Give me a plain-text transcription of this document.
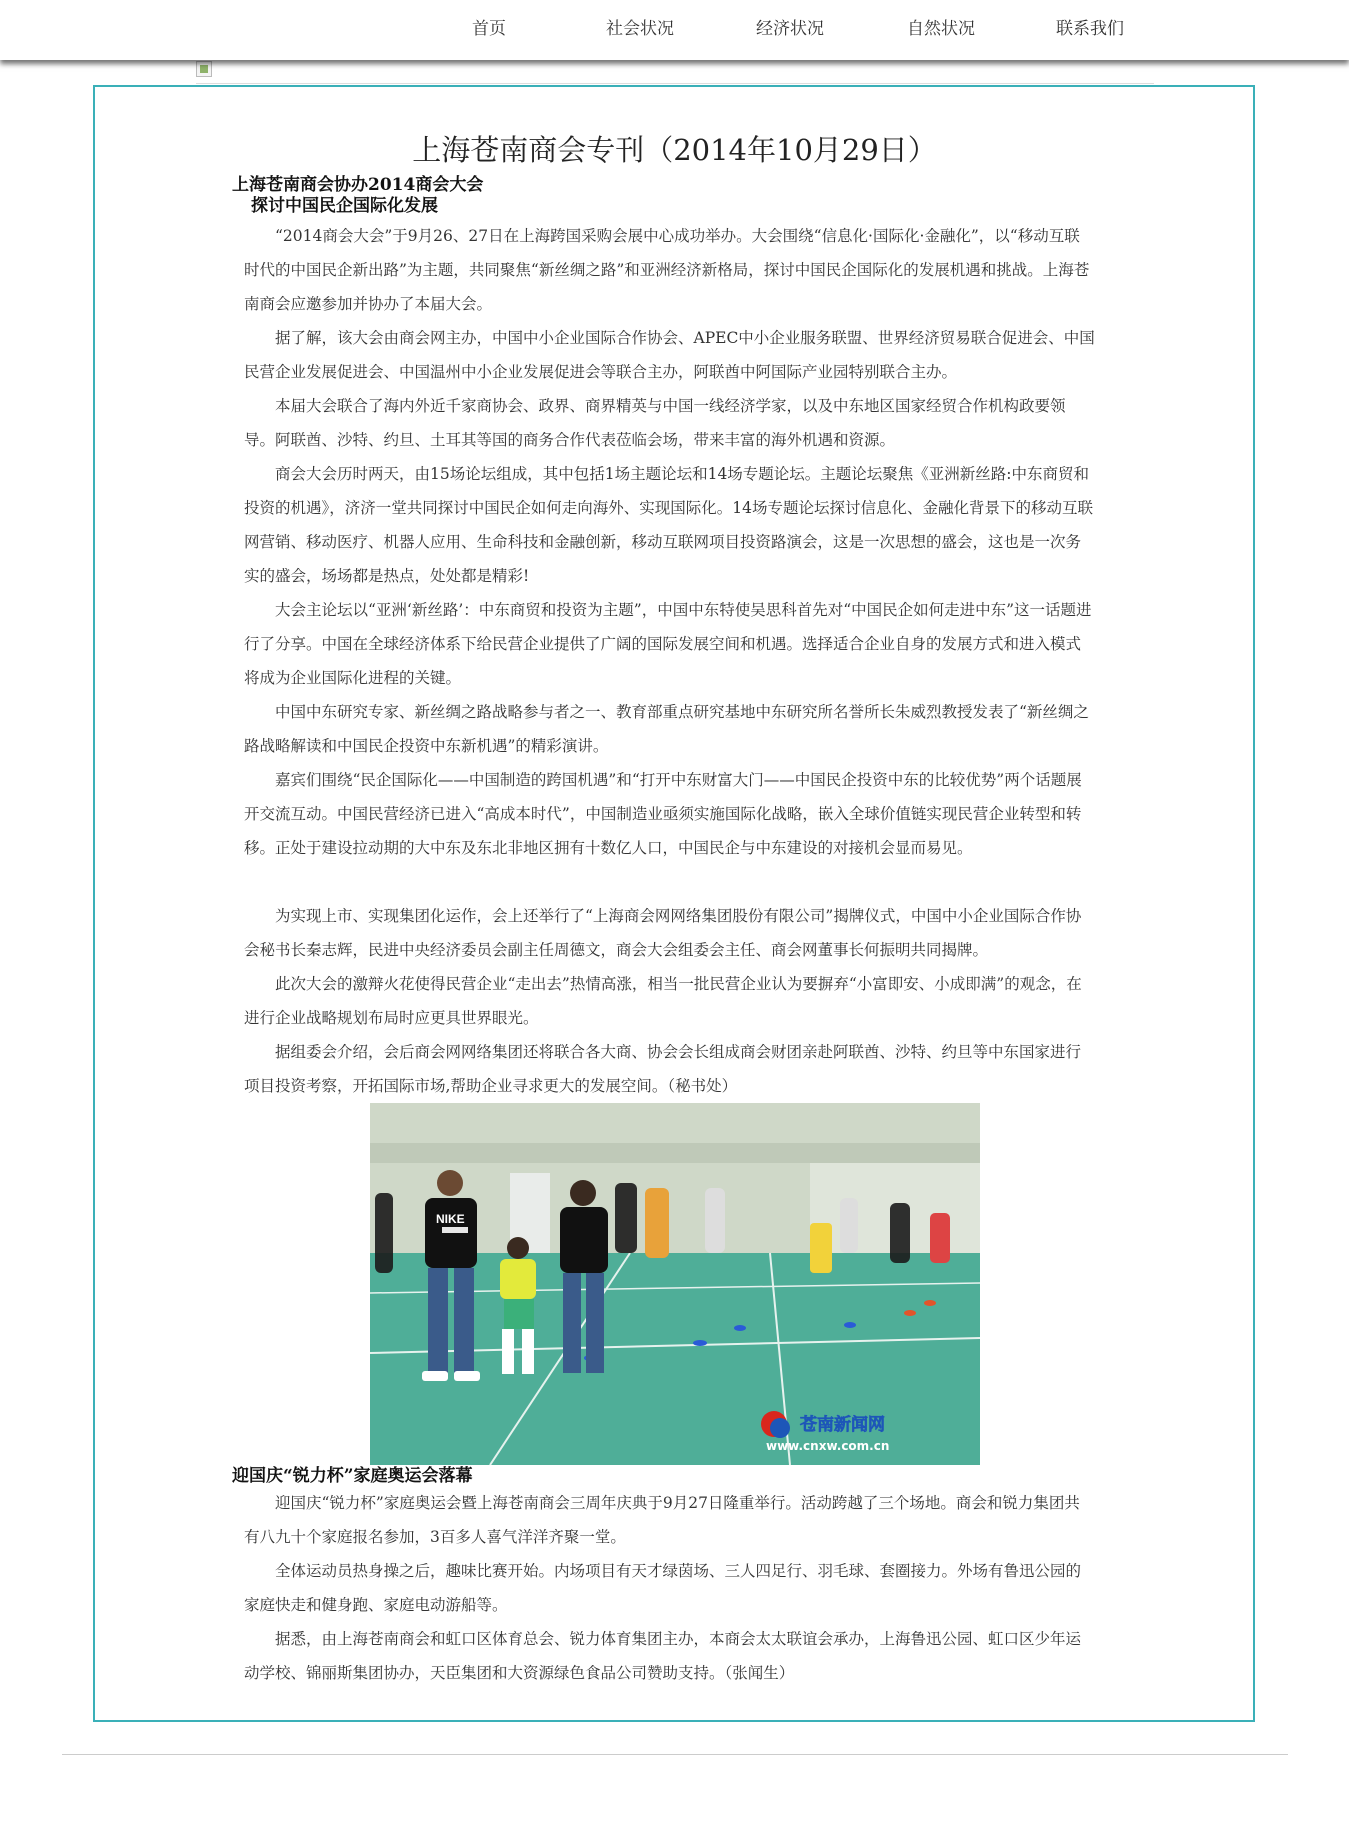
首页	社会状况	经济状况	自然状况	联系我们
上海苍南商会专刊（2014年10月29日）
上海苍南商会协办2014商会大会
探讨中国民企国际化发展

“2014商会大会”于9月26、27日在上海跨国采购会展中心成功举办。大会围绕“信息化·国际化·金融化”，以“移动互联时代的中国民企新出路”为主题，共同聚焦“新丝绸之路”和亚洲经济新格局，探讨中国民企国际化的发展机遇和挑战。上海苍南商会应邀参加并协办了本届大会。

据了解，该大会由商会网主办，中国中小企业国际合作协会、APEC中小企业服务联盟、世界经济贸易联合促进会、中国民营企业发展促进会、中国温州中小企业发展促进会等联合主办，阿联酋中阿国际产业园特别联合主办。

本届大会联合了海内外近千家商协会、政界、商界精英与中国一线经济学家，以及中东地区国家经贸合作机构政要领导。阿联酋、沙特、约旦、土耳其等国的商务合作代表莅临会场，带来丰富的海外机遇和资源。

商会大会历时两天，由15场论坛组成，其中包括1场主题论坛和14场专题论坛。主题论坛聚焦《亚洲新丝路:中东商贸和投资的机遇》，济济一堂共同探讨中国民企如何走向海外、实现国际化。14场专题论坛探讨信息化、金融化背景下的移动互联网营销、移动医疗、机器人应用、生命科技和金融创新，移动互联网项目投资路演会，这是一次思想的盛会，这也是一次务实的盛会，场场都是热点，处处都是精彩!

大会主论坛以“亚洲‘新丝路’：中东商贸和投资为主题”，中国中东特使吴思科首先对“中国民企如何走进中东”这一话题进行了分享。中国在全球经济体系下给民营企业提供了广阔的国际发展空间和机遇。选择适合企业自身的发展方式和进入模式将成为企业国际化进程的关键。

中国中东研究专家、新丝绸之路战略参与者之一、教育部重点研究基地中东研究所名誉所长朱威烈教授发表了“新丝绸之路战略解读和中国民企投资中东新机遇”的精彩演讲。

嘉宾们围绕“民企国际化——中国制造的跨国机遇”和“打开中东财富大门——中国民企投资中东的比较优势”两个话题展开交流互动。中国民营经济已进入“高成本时代”，中国制造业亟须实施国际化战略，嵌入全球价值链实现民营企业转型和转移。正处于建设拉动期的大中东及东北非地区拥有十数亿人口，中国民企与中东建设的对接机会显而易见。

为实现上市、实现集团化运作，会上还举行了“上海商会网网络集团股份有限公司”揭牌仪式，中国中小企业国际合作协会秘书长秦志辉，民进中央经济委员会副主任周德文，商会大会组委会主任、商会网董事长何振明共同揭牌。

此次大会的激辩火花使得民营企业“走出去”热情高涨，相当一批民营企业认为要摒弃“小富即安、小成即满”的观念，在进行企业战略规划布局时应更具世界眼光。

据组委会介绍，会后商会网网络集团还将联合各大商、协会会长组成商会财团亲赴阿联酋、沙特、约旦等中东国家进行项目投资考察，开拓国际市场,帮助企业寻求更大的发展空间。（秘书处）

NIKE
苍南新闻网
www.cnxw.com.cn
迎国庆“锐力杯”家庭奥运会落幕

迎国庆“锐力杯”家庭奥运会暨上海苍南商会三周年庆典于9月27日隆重举行。活动跨越了三个场地。商会和锐力集团共有八九十个家庭报名参加，3百多人喜气洋洋齐聚一堂。

全体运动员热身操之后，趣味比赛开始。内场项目有天才绿茵场、三人四足行、羽毛球、套圈接力。外场有鲁迅公园的家庭快走和健身跑、家庭电动游船等。

据悉，由上海苍南商会和虹口区体育总会、锐力体育集团主办，本商会太太联谊会承办，上海鲁迅公园、虹口区少年运动学校、锦丽斯集团协办，天臣集团和大资源绿色食品公司赞助支持。（张闻生）
